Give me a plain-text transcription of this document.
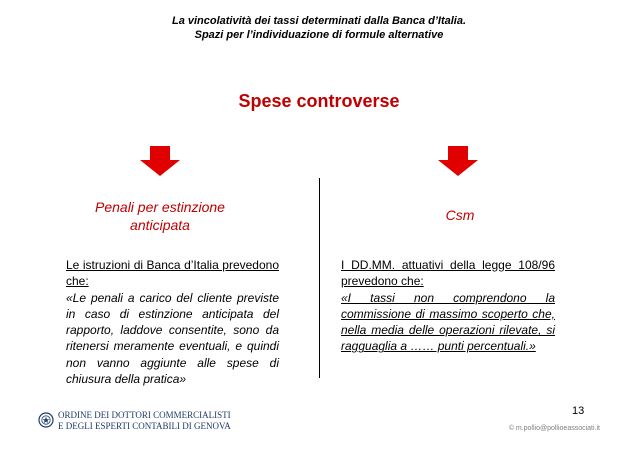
La vincolatività dei tassi determinati dalla Banca d’Italia.
Spazi per l’individuazione di formule alternative
Spese controverse
Penali per estinzione
anticipata
Csm
Le istruzioni di Banca d’Italia prevedono che:
«Le penali a carico del cliente previste in caso di estinzione anticipata del rapporto, laddove consentite, sono da ritenersi meramente eventuali, e quindi non vanno aggiunte alle spese di chiusura della pratica»
I DD.MM. attuativi della legge 108/96 prevedono che:
«I tassi non comprendono la commissione di massimo scoperto che, nella media delle operazioni rilevate, si ragguaglia a …… punti percentuali.»
ORDINE DEI DOTTORI COMMERCIALISTI
E DEGLI ESPERTI CONTABILI DI GENOVA
13
© m.pollio@pollioeassociati.it
